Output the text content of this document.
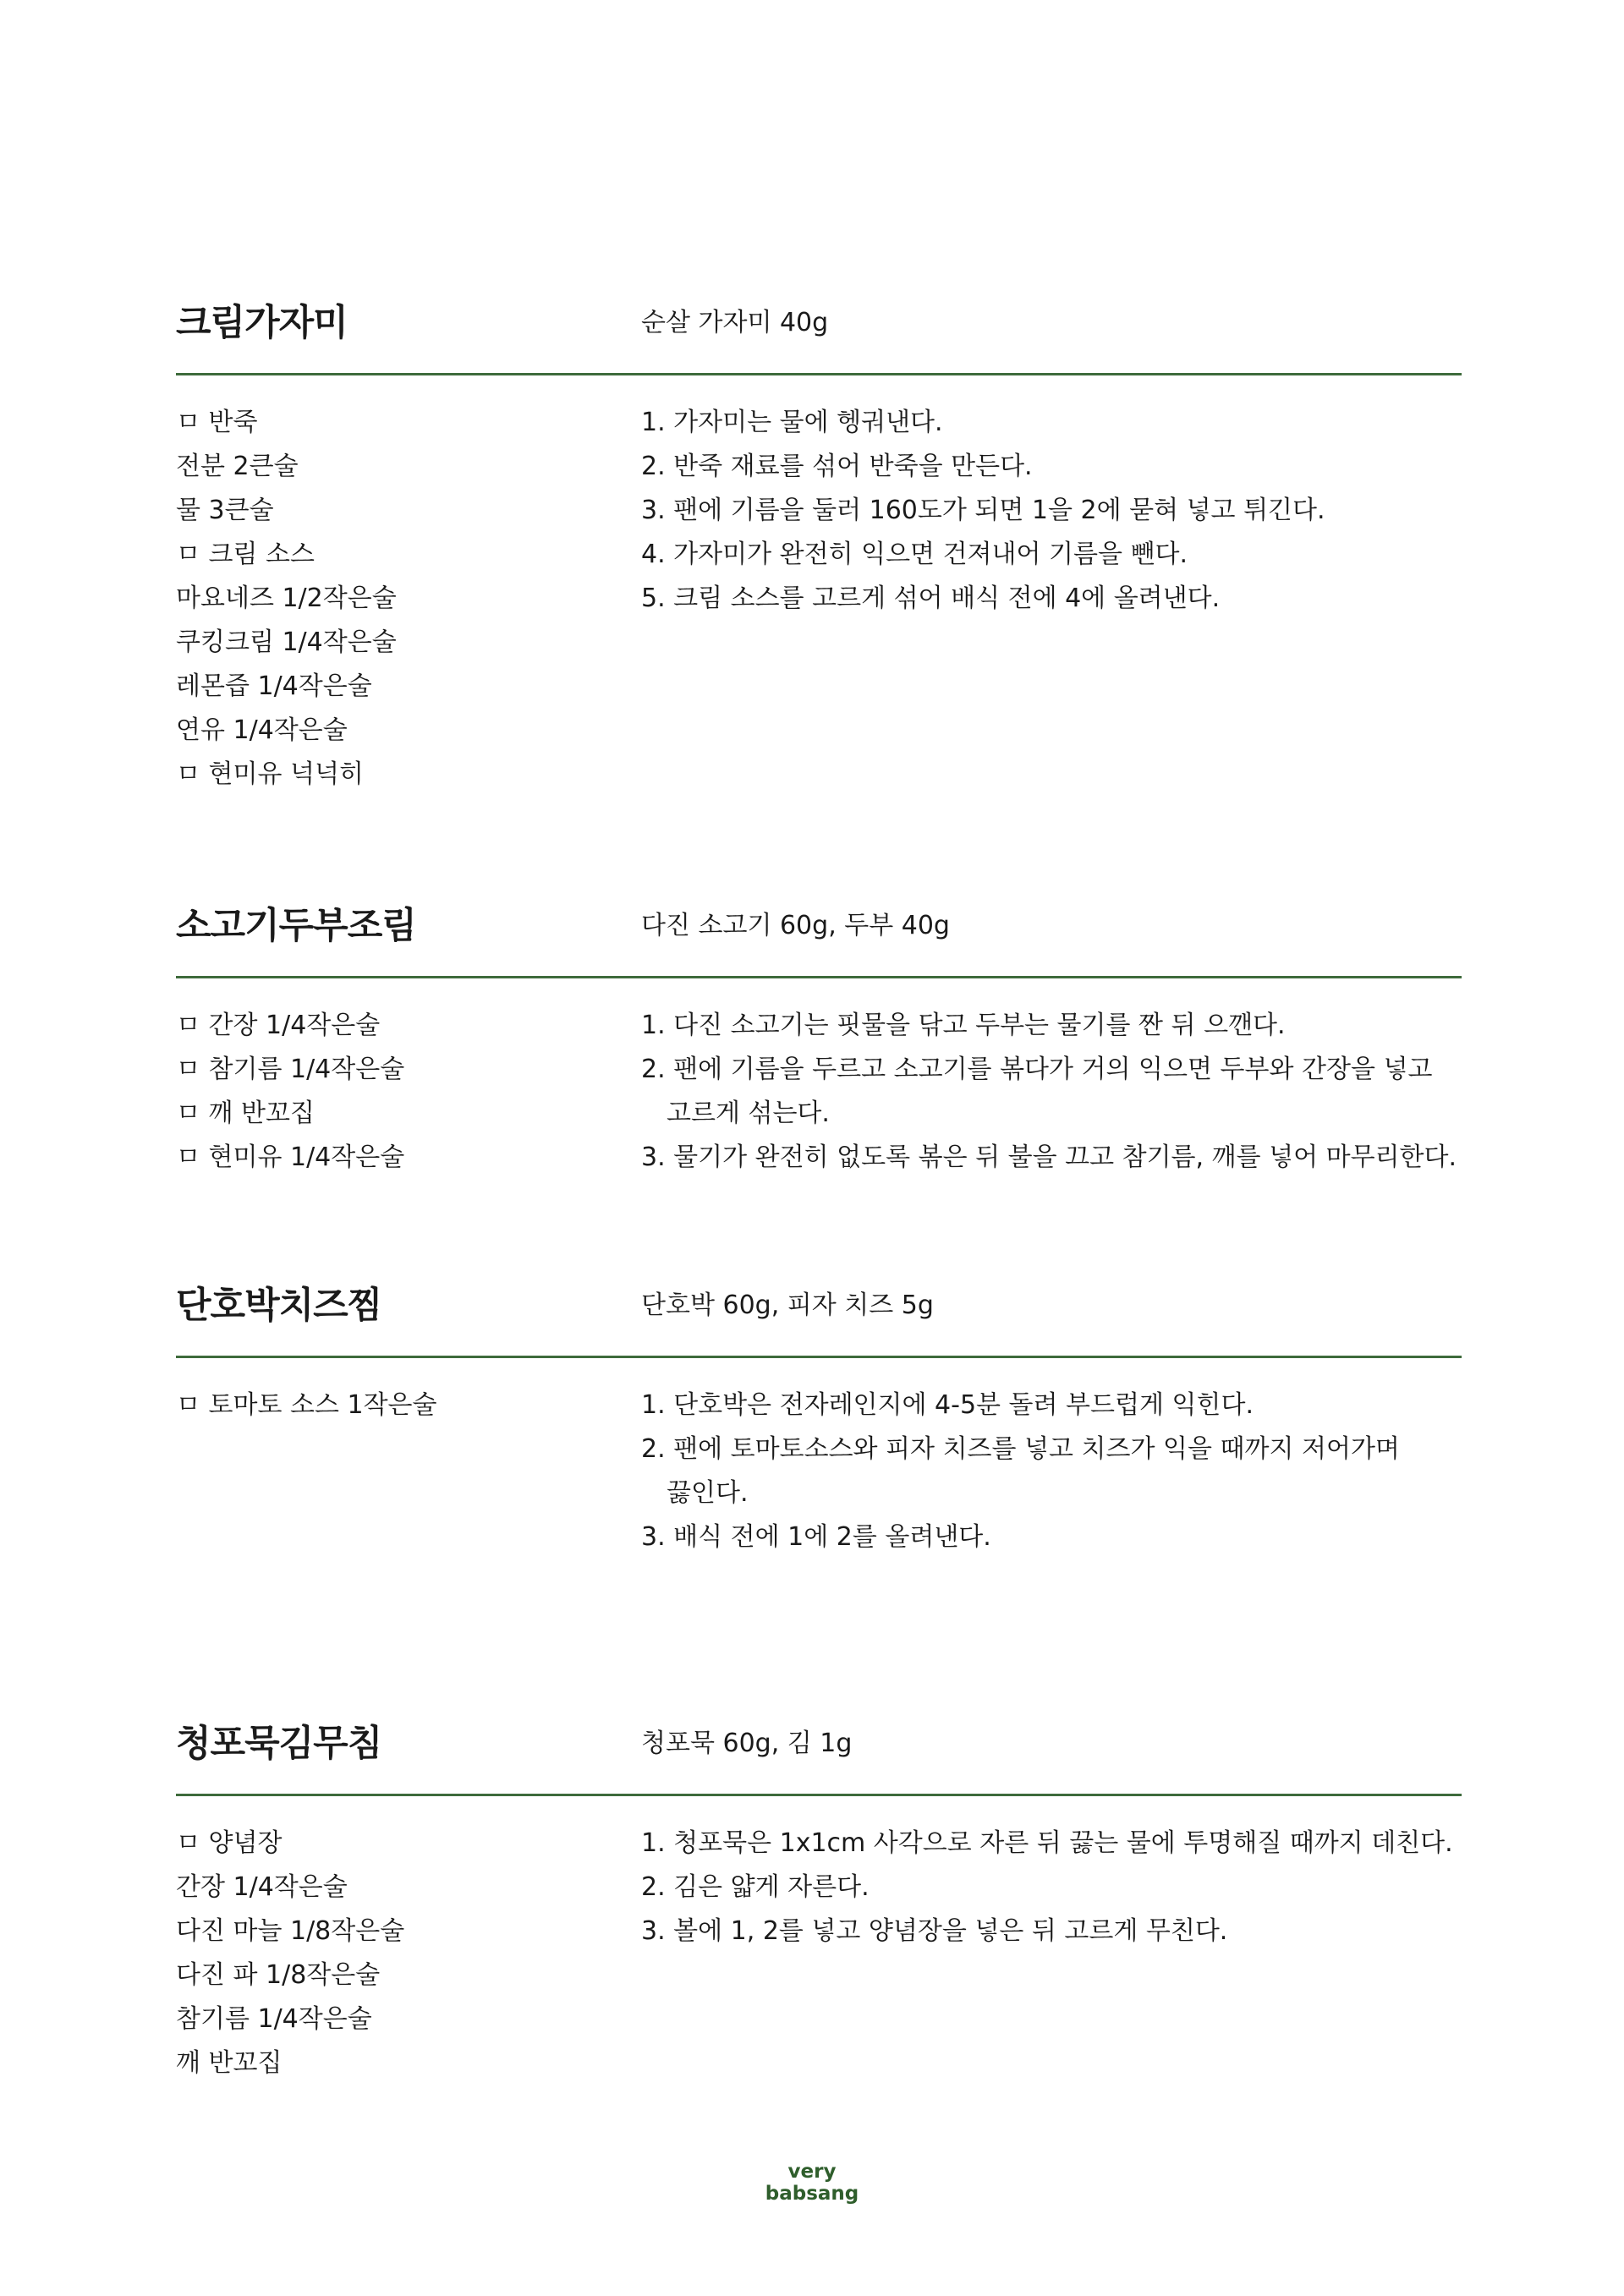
크림가자미	순살 가자미 40g
ㅁ 반죽
전분 2큰술
물 3큰술
ㅁ 크림 소스
마요네즈 1/2작은술
쿠킹크림 1/4작은술
레몬즙 1/4작은술
연유 1/4작은술
ㅁ 현미유 넉넉히
1. 가자미는 물에 헹궈낸다.
2. 반죽 재료를 섞어 반죽을 만든다.
3. 팬에 기름을 둘러 160도가 되면 1을 2에 묻혀 넣고 튀긴다.
4. 가자미가 완전히 익으면 건져내어 기름을 뺀다.
5. 크림 소스를 고르게 섞어 배식 전에 4에 올려낸다.
소고기두부조림	다진 소고기 60g, 두부 40g
ㅁ 간장 1/4작은술
ㅁ 참기름 1/4작은술
ㅁ 깨 반꼬집
ㅁ 현미유 1/4작은술
1. 다진 소고기는 핏물을 닦고 두부는 물기를 짠 뒤 으깬다.
2. 팬에 기름을 두르고 소고기를 볶다가 거의 익으면 두부와 간장을 넣고
고르게 섞는다.
3. 물기가 완전히 없도록 볶은 뒤 불을 끄고 참기름, 깨를 넣어 마무리한다.
단호박치즈찜	단호박 60g, 피자 치즈 5g
ㅁ 토마토 소스 1작은술	1. 단호박은 전자레인지에 4-5분 돌려 부드럽게 익힌다.
2. 팬에 토마토소스와 피자 치즈를 넣고 치즈가 익을 때까지 저어가며
끓인다.
3. 배식 전에 1에 2를 올려낸다.
청포묵김무침	청포묵 60g, 김 1g
ㅁ 양념장
간장 1/4작은술
다진 마늘 1/8작은술
다진 파 1/8작은술
참기름 1/4작은술
깨 반꼬집
1. 청포묵은 1x1cm 사각으로 자른 뒤 끓는 물에 투명해질 때까지 데친다.
2. 김은 얇게 자른다.
3. 볼에 1, 2를 넣고 양념장을 넣은 뒤 고르게 무친다.
very
babsang
